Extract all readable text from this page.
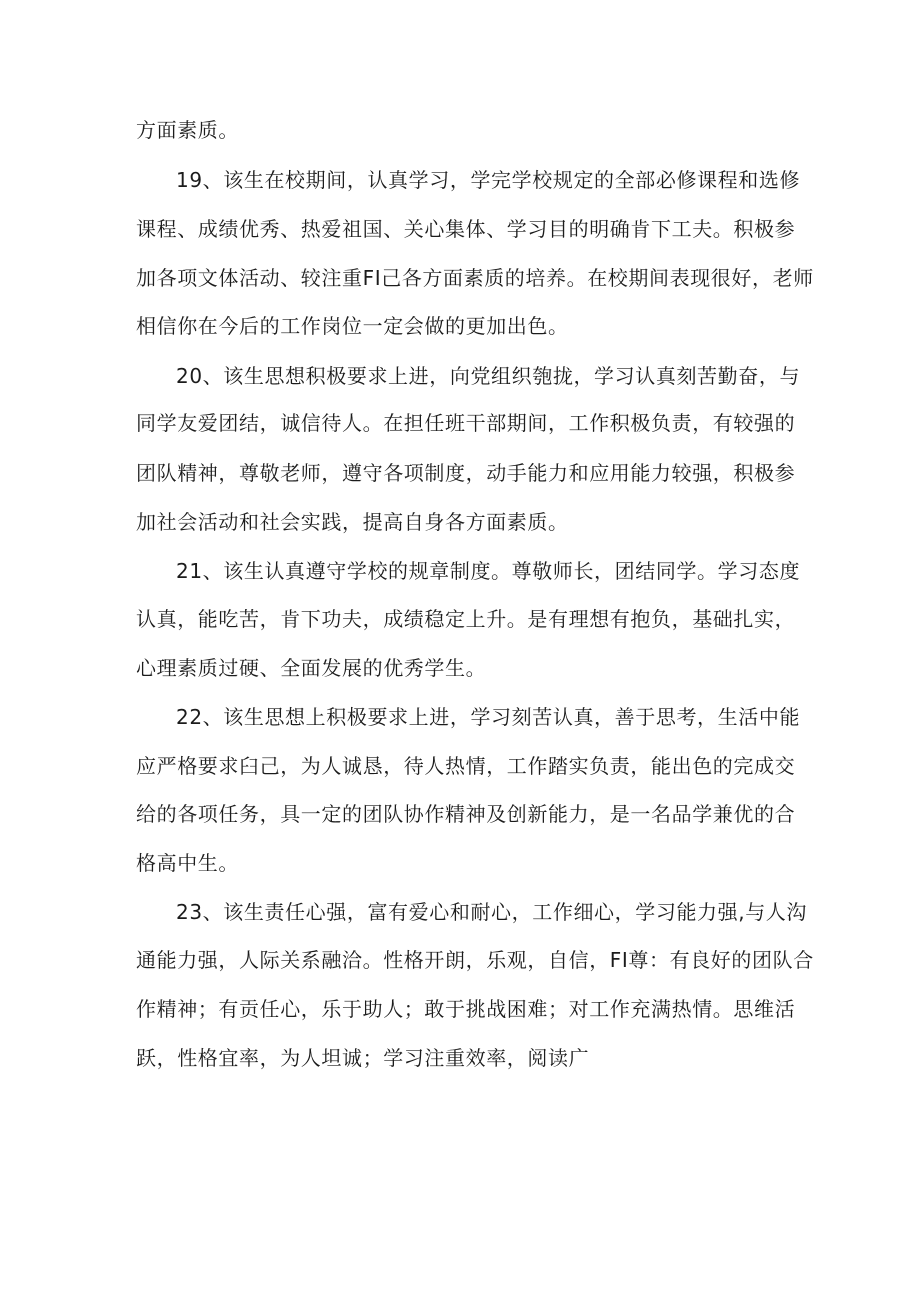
方面素质。
19、该生在校期间，认真学习，学完学校规定的全部必修课程和选修
课程、成绩优秀、热爱祖国、关心集体、学习目的明确肯下工夫。积极参
加各项文体活动、较注重FI己各方面素质的培养。在校期间表现很好，老师
相信你在今后的工作岗位一定会做的更加出色。
20、该生思想积极要求上进，向党组织匏拢，学习认真刻苦勤奋，与
同学友爱团结，诚信待人。在担任班干部期间，工作积极负责，有较强的
团队精神，尊敬老师，遵守各项制度，动手能力和应用能力较强，积极参
加社会活动和社会实践，提高自身各方面素质。
21、该生认真遵守学校的规章制度。尊敬师长，团结同学。学习态度
认真，能吃苦，肯下功夫，成绩稳定上升。是有理想有抱负，基础扎实，
心理素质过硬、全面发展的优秀学生。
22、该生思想上积极要求上进，学习刻苦认真，善于思考，生活中能
应严格要求臼己，为人诚恳，待人热情，工作踏实负责，能出色的完成交
给的各项任务，具一定的团队协作精神及创新能力，是一名品学兼优的合
格高中生。
23、该生责任心强，富有爱心和耐心，工作细心，学习能力强,与人沟
通能力强，人际关系融洽。性格开朗，乐观，自信，FI尊：有良好的团队合
作精神；有贡任心，乐于助人；敢于挑战困难；对工作充满热情。思维活
跃，性格宜率，为人坦诚；学习注重效率，阅读广
